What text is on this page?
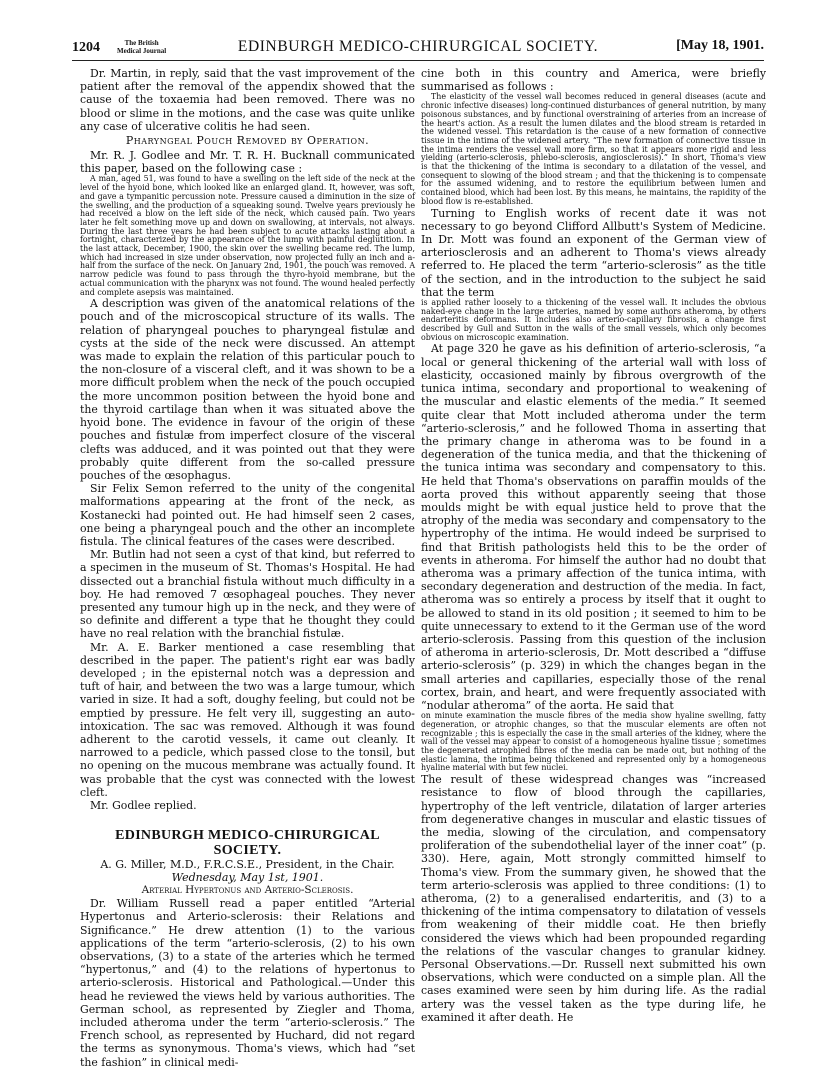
1204	The British
Medical Journal	EDINBURGH MEDICO-CHIRURGICAL SOCIETY.	[May 18, 1901.

Dr. Martin, in reply, said that the vast improvement of the patient after the removal of the appendix showed that the cause of the toxaemia had been removed. There was no blood or slime in the motions, and the case was quite unlike any case of ulcerative colitis he had seen.

Pharyngeal Pouch Removed by Operation.

Mr. R. J. Godlee and Mr. T. R. H. Bucknall communicated this paper, based on the following case :

A man, aged 51, was found to have a swelling on the left side of the neck at the level of the hyoid bone, which looked like an enlarged gland. It, however, was soft, and gave a tympanitic percussion note. Pressure caused a diminution in the size of the swelling, and the production of a squeaking sound. Twelve years previously he had received a blow on the left side of the neck, which caused pain. Two years later he felt something move up and down on swallowing, at intervals, not always. During the last three years he had been subject to acute attacks lasting about a fortnight, characterized by the appearance of the lump with painful deglutition. In the last attack, December, 1900, the skin over the swelling became red. The lump, which had increased in size under observation, now projected fully an inch and a-half from the surface of the neck. On January 2nd, 1901, the pouch was removed. A narrow pedicle was found to pass through the thyro-hyoid membrane, but the actual communication with the pharynx was not found. The wound healed perfectly and complete asepsis was maintained.

A description was given of the anatomical relations of the pouch and of the microscopical structure of its walls. The relation of pharyngeal pouches to pharyngeal fistulæ and cysts at the side of the neck were discussed. An attempt was made to explain the relation of this particular pouch to the non-closure of a visceral cleft, and it was shown to be a more difficult problem when the neck of the pouch occupied the more uncommon position between the hyoid bone and the thyroid cartilage than when it was situated above the hyoid bone. The evidence in favour of the origin of these pouches and fistulæ from imperfect closure of the visceral clefts was adduced, and it was pointed out that they were probably quite different from the so-called pressure pouches of the œsophagus.

Sir Felix Semon referred to the unity of the congenital malformations appearing at the front of the neck, as Kostanecki had pointed out. He had himself seen 2 cases, one being a pharyngeal pouch and the other an incomplete fistula. The clinical features of the cases were described.

Mr. Butlin had not seen a cyst of that kind, but referred to a specimen in the museum of St. Thomas's Hospital. He had dissected out a branchial fistula without much difficulty in a boy. He had removed 7 œsophageal pouches. They never presented any tumour high up in the neck, and they were of so definite and different a type that he thought they could have no real relation with the branchial fistulæ.

Mr. A. E. Barker mentioned a case resembling that described in the paper. The patient's right ear was badly developed ; in the episternal notch was a depression and tuft of hair, and between the two was a large tumour, which varied in size. It had a soft, doughy feeling, but could not be emptied by pressure. He felt very ill, suggesting an auto-intoxication. The sac was removed. Although it was found adherent to the carotid vessels, it came out cleanly. It narrowed to a pedicle, which passed close to the tonsil, but no opening on the mucous membrane was actually found. It was probable that the cyst was connected with the lowest cleft.

Mr. Godlee replied.

EDINBURGH MEDICO-CHIRURGICAL SOCIETY.
A. G. Miller, M.D., F.R.C.S.E., President, in the Chair.
Wednesday, May 1st, 1901.
Arterial Hypertonus and Arterio-Sclerosis.

Dr. William Russell read a paper entitled “Arterial Hypertonus and Arterio-sclerosis: their Relations and Significance.” He drew attention (1) to the various applications of the term “arterio-sclerosis, (2) to his own observations, (3) to a state of the arteries which he termed “hypertonus,” and (4) to the relations of hypertonus to arterio-sclerosis. Historical and Pathological.—Under this head he reviewed the views held by various authorities. The German school, as represented by Ziegler and Thoma, included atheroma under the term “arterio-sclerosis.” The French school, as represented by Huchard, did not regard the terms as synonymous. Thoma's views, which had “set the fashion” in clinical medi-

cine both in this country and America, were briefly summarised as follows :

The elasticity of the vessel wall becomes reduced in general diseases (acute and chronic infective diseases) long-continued disturbances of general nutrition, by many poisonous substances, and by functional overstraining of arteries from an increase of the heart's action. As a result the lumen dilates and the blood stream is retarded in the widened vessel. This retardation is the cause of a new formation of connective tissue in the intima of the widened artery. “The new formation of connective tissue in the intima renders the vessel wall more firm, so that it appears more rigid and less yielding (arterio-sclerosis, phlebo-sclerosis, angiosclerosis).” In short, Thoma's view is that the thickening of the intima is secondary to a dilatation of the vessel, and consequent to slowing of the blood stream ; and that the thickening is to compensate for the assumed widening, and to restore the equilibrium between lumen and contained blood, which had been lost. By this means, he maintains, the rapidity of the blood flow is re-established.

Turning to English works of recent date it was not necessary to go beyond Clifford Allbutt's System of Medicine. In Dr. Mott was found an exponent of the German view of arteriosclerosis and an adherent to Thoma's views already referred to. He placed the term “arterio-sclerosis” as the title of the section, and in the introduction to the subject he said that the term

is applied rather loosely to a thickening of the vessel wall. It includes the obvious naked-eye change in the large arteries, named by some authors atheroma, by others endarteritis deformans. It includes also arterio-capillary fibrosis, a change first described by Gull and Sutton in the walls of the small vessels, which only becomes obvious on microscopic examination.

At page 320 he gave as his definition of arterio-sclerosis, “a local or general thickening of the arterial wall with loss of elasticity, occasioned mainly by fibrous overgrowth of the tunica intima, secondary and proportional to weakening of the muscular and elastic elements of the media.” It seemed quite clear that Mott included atheroma under the term “arterio-sclerosis,” and he followed Thoma in asserting that the primary change in atheroma was to be found in a degeneration of the tunica media, and that the thickening of the tunica intima was secondary and compensatory to this. He held that Thoma's observations on paraffin moulds of the aorta proved this without apparently seeing that those moulds might be with equal justice held to prove that the atrophy of the media was secondary and compensatory to the hypertrophy of the intima. He would indeed be surprised to find that British pathologists held this to be the order of events in atheroma. For himself the author had no doubt that atheroma was a primary affection of the tunica intima, with secondary degeneration and destruction of the media. In fact, atheroma was so entirely a process by itself that it ought to be allowed to stand in its old position ; it seemed to him to be quite unnecessary to extend to it the German use of the word arterio-sclerosis. Passing from this question of the inclusion of atheroma in arterio-sclerosis, Dr. Mott described a “diffuse arterio-sclerosis” (p. 329) in which the changes began in the small arteries and capillaries, especially those of the renal cortex, brain, and heart, and were frequently associated with “nodular atheroma” of the aorta. He said that

on minute examination the muscle fibres of the media show hyaline swelling, fatty degeneration, or atrophic changes, so that the muscular elements are often not recognizable ; this is especially the case in the small arteries of the kidney, where the wall of the vessel may appear to consist of a homogeneous hyaline tissue ; sometimes the degenerated atrophied fibres of the media can be made out, but nothing of the elastic lamina, the intima being thickened and represented only by a homogeneous hyaline material with but few nuclei.

The result of these widespread changes was “increased resistance to flow of blood through the capillaries, hypertrophy of the left ventricle, dilatation of larger arteries from degenerative changes in muscular and elastic tissues of the media, slowing of the circulation, and compensatory proliferation of the subendothelial layer of the inner coat” (p. 330). Here, again, Mott strongly committed himself to Thoma's view. From the summary given, he showed that the term arterio-sclerosis was applied to three conditions: (1) to atheroma, (2) to a generalised endarteritis, and (3) to a thickening of the intima compensatory to dilatation of vessels from weakening of their middle coat. He then briefly considered the views which had been propounded regarding the relations of the vascular changes to granular kidney. Personal Observations.—Dr. Russell next submitted his own observations, which were conducted on a simple plan. All the cases examined were seen by him during life. As the radial artery was the vessel taken as the type during life, he examined it after death. He
